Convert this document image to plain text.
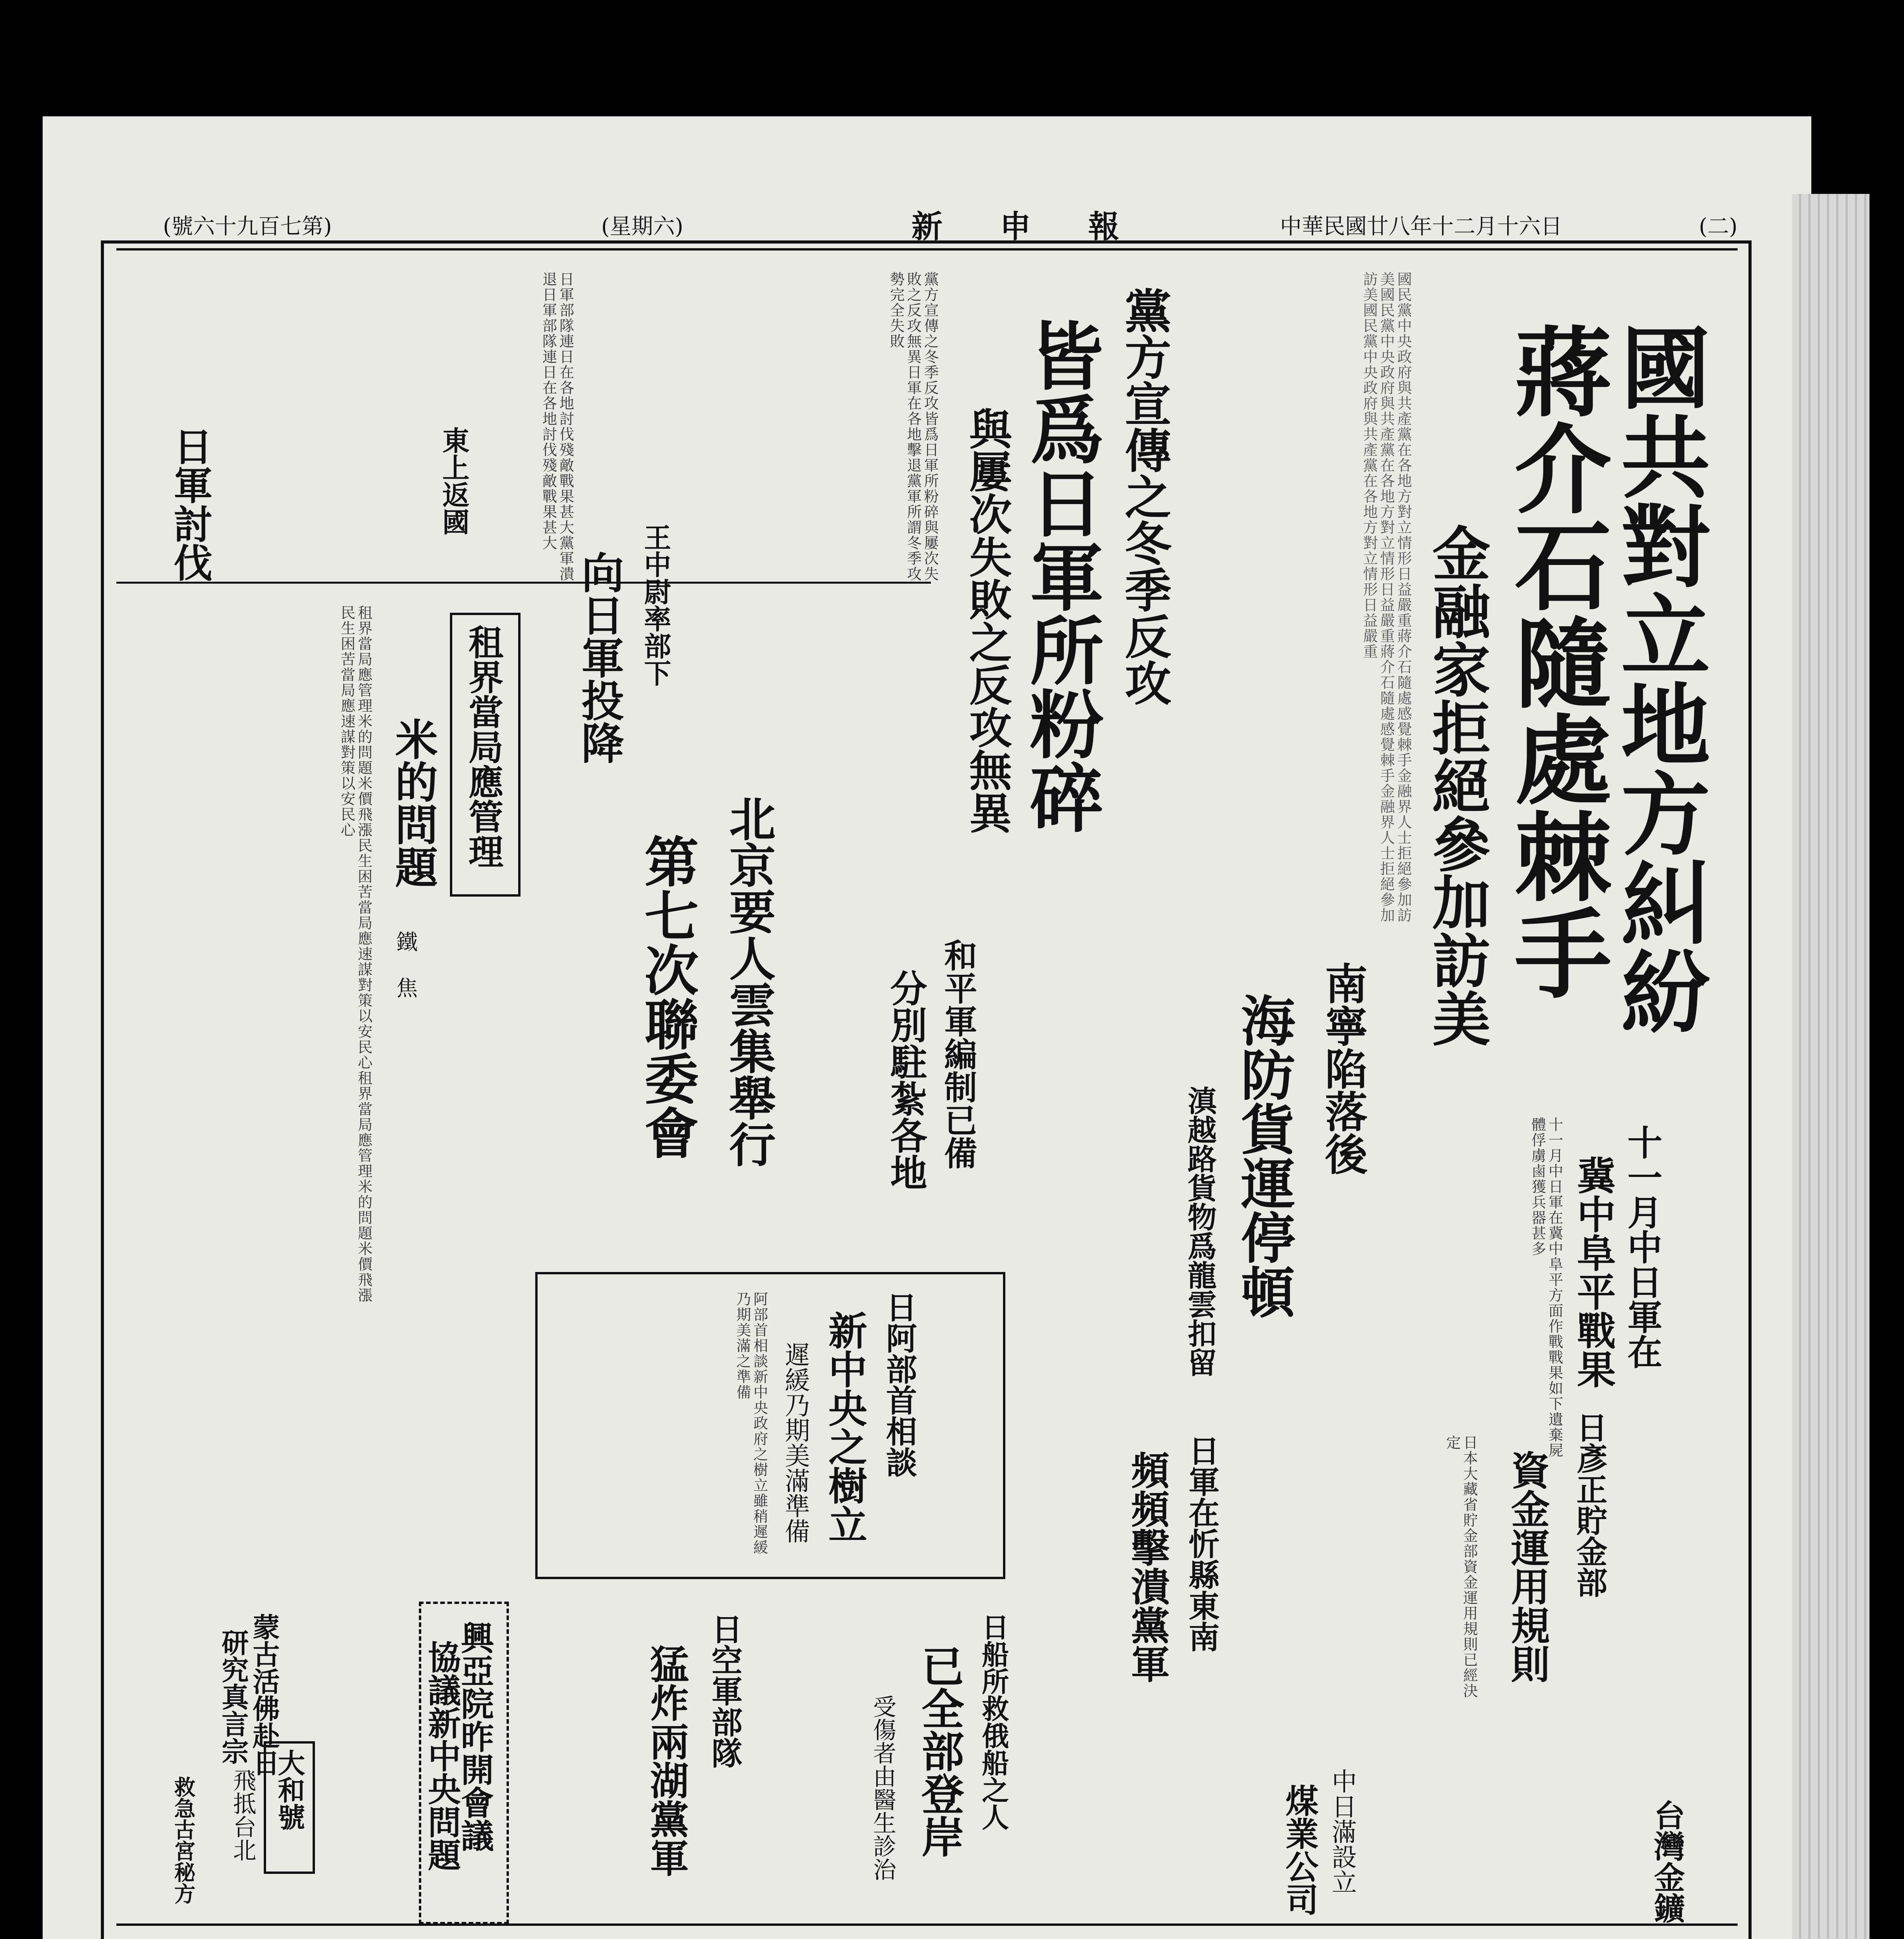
(二)
中華民國廿八年十二月十六日
新 申 報
(星期六)
(號六十九百七第)
國共對立地方糾紛
蔣介石隨處棘手
金融家拒絕參加訪美
國民黨中央政府與共產黨在各地方對立情形日益嚴重蔣介石隨處感覺棘手金融界人士拒絕參加訪美國民黨中央政府與共產黨在各地方對立情形日益嚴重蔣介石隨處感覺棘手金融界人士拒絕參加訪美國民黨中央政府與共產黨在各地方對立情形日益嚴重
黨方宣傳之冬季反攻
皆爲日軍所粉碎
與屢次失敗之反攻無異
黨方宣傳之冬季反攻皆爲日軍所粉碎與屢次失敗之反攻無異日軍在各地擊退黨軍所謂冬季攻勢完全失敗
日軍討伐	日軍部隊連日在各地討伐殘敵戰果甚大黨軍潰退日軍部隊連日在各地討伐殘敵戰果甚大
東上返國
王中尉率部下
向日軍投降
十一月中日軍在
冀中阜平戰果
十一月中日軍在冀中阜平方面作戰戰果如下遺棄屍體俘虜鹵獲兵器甚多
南寧陷落後
海防貨運停頓
滇越路貨物爲龍雲扣留
和平軍編制已備
分別駐紮各地
北京要人雲集舉行
第七次聯委會
租界當局應管理
米的問題
鐵 焦
租界當局應管理米的問題米價飛漲民生困苦當局應速謀對策以安民心租界當局應管理米的問題米價飛漲民生困苦當局應速謀對策以安民心
日阿部首相談
新中央之樹立
遲緩乃期美滿準備
阿部首相談新中央政府之樹立雖稍遲緩乃期美滿之準備
日軍在忻縣東南
頻頻擊潰黨軍	日彥正貯金部
資金運用規則
日本大藏省貯金部資金運用規則已經決定
日空軍部隊
猛炸兩湖黨軍	日船所救俄船之人
已全部登岸
受傷者由醫生診治	中日滿設立
煤業公司	台灣金鑛
興亞院昨開會議
協議新中央問題
蒙古活佛赴日
研究真言宗
大和號
飛抵台北
救急古宮秘方
